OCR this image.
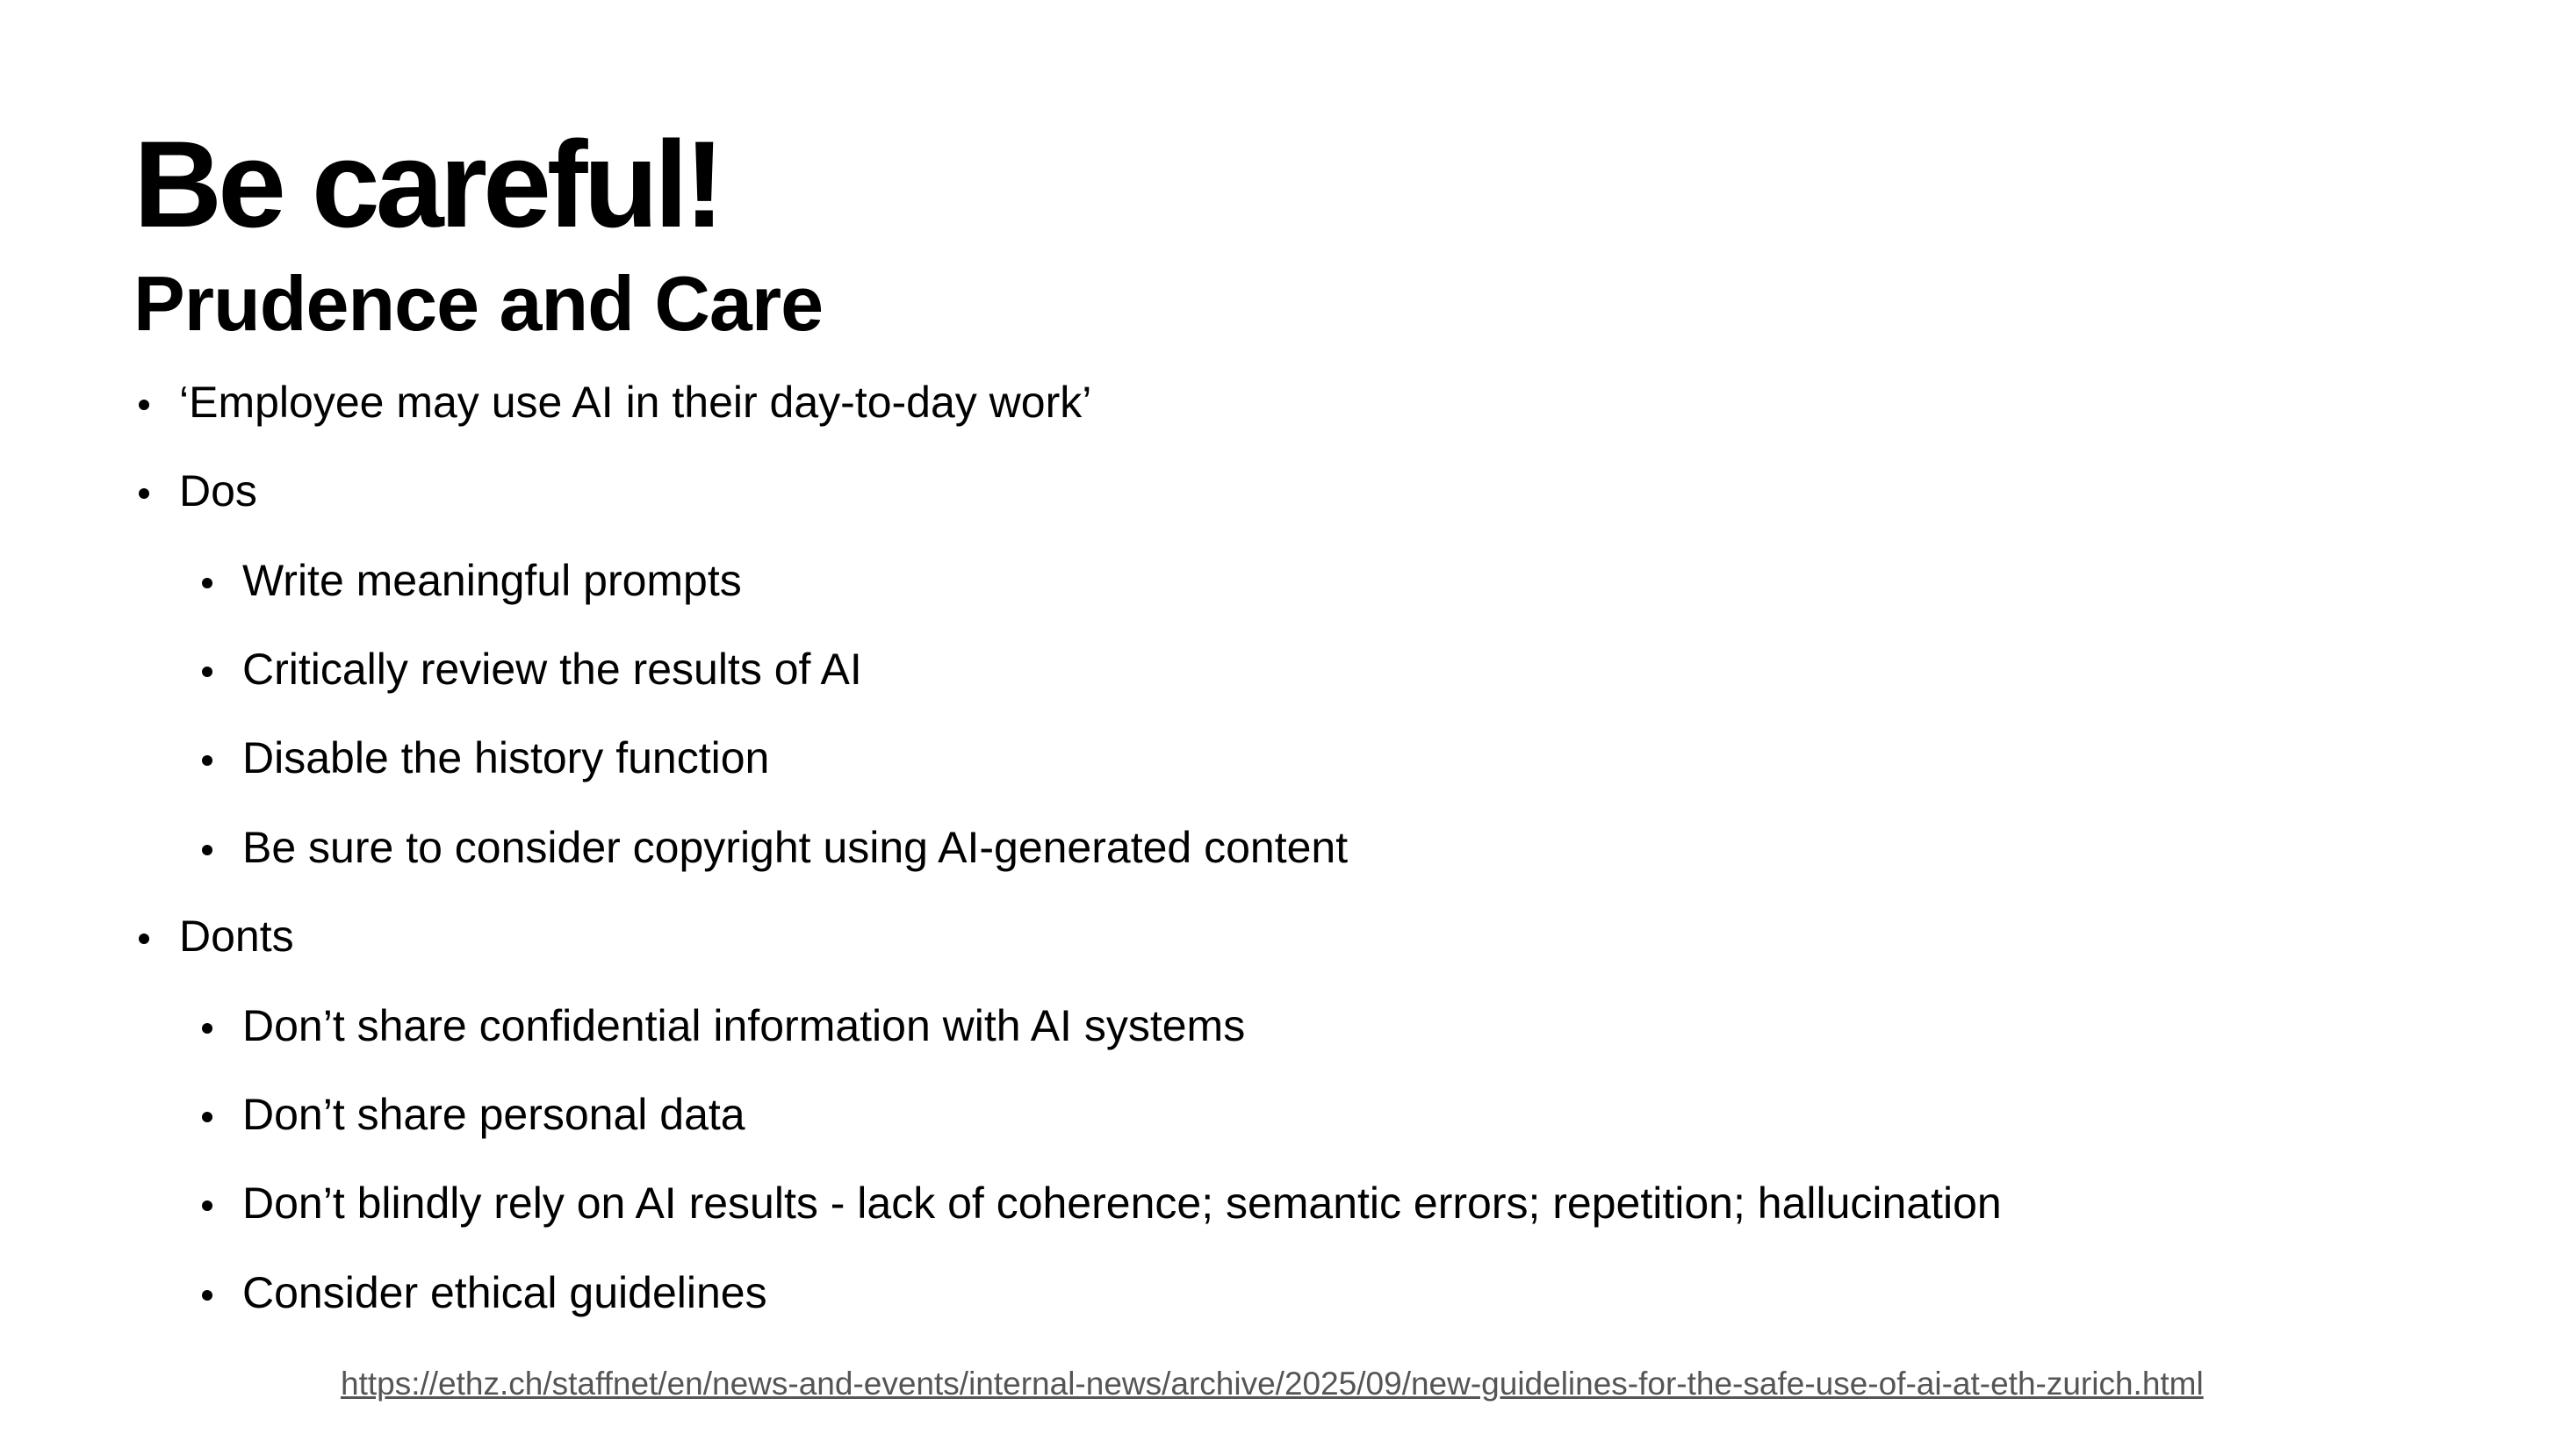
Be careful!
Prudence and Care
‘Employee may use AI in their day-to-day work’
Dos
Write meaningful prompts
Critically review the results of AI
Disable the history function
Be sure to consider copyright using AI-generated content
Donts
Don’t share confidential information with AI systems
Don’t share personal data
Don’t blindly rely on AI results - lack of coherence; semantic errors; repetition; hallucination
Consider ethical guidelines
https://ethz.ch/staffnet/en/news-and-events/internal-news/archive/2025/09/new-guidelines-for-the-safe-use-of-ai-at-eth-zurich.html
